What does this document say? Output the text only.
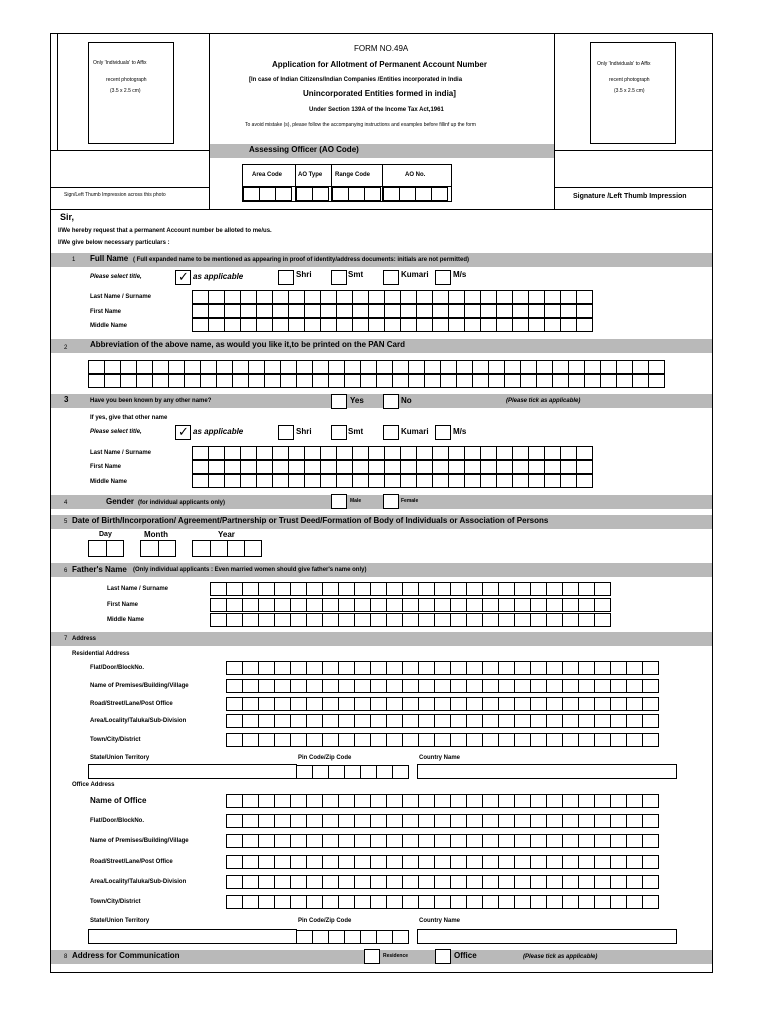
Only 'Individuals' to Affix
recent photograph
(3.5 x 2.5 cm)
Only 'Individuals' to Affix
recent photograph
(3.5 x 2.5 cm)
Sign/Left Thumb Impression across this photo	Signature /Left Thumb Impression
FORM NO.49A
Application for Allotment of Permanent Account Number
[In case of Indian Citizens/Indian Companies /Entities incorporated in India
Unincorporated Entities formed in india]
Under Section 139A of the Income Tax Act,1961
To avoid mistake (s), please follow the accompanying instructions and examples before fillinf up the form
Assessing Officer (AO Code)
Area Code	AO Type Range Code	AO No.
Sir,
I/We hereby request that a permanent Account number be alloted to me/us.
I/We give below necessary particulars :
1 Full Name ( Full expanded name to be mentioned as appearing in proof of identity/address documents: initials are not permitted)
Please select title,	✓ as applicable	Shri	Smt	Kumari	M/s
Last Name / Surname
First Name
Middle Name
2	Abbreviation of the above name, as would you like it,to be printed on the PAN Card
3	Have you been known by any other name?	Yes	No	(Please tick as applicable)
If yes, give that other name
Please select title,	✓ as applicable	Shri	Smt	Kumari	M/s
Last Name / Surname
First Name
Middle Name
4	Gender (for individual applicants only)	Male	Female
5 Date of Birth/Incorporation/ Agreement/Partnership or Trust Deed/Formation of Body of Individuals or Association of Persons
Day	Month	Year
6 Father's Name (Only individual applicants : Even married women should give father's name only)
Last Name / Surname
First Name
Middle Name
7 Address
Residential Address
Flat/Door/BlockNo.
Name of Premises/Building/Village
Road/Street/Lane/Post Office
Area/Locality/Taluka/Sub-Division
Town/City/District
State/Union Territory	Pin Code/Zip Code	Country Name
Office Address
Name of Office
Flat/Door/BlockNo.
Name of Premises/Building/Village
Road/Street/Lane/Post Office
Area/Locality/Taluka/Sub-Division
Town/City/District
State/Union Territory	Pin Code/Zip Code	Country Name
8 Address for Communication	Residence	Office	(Please tick as applicable)
